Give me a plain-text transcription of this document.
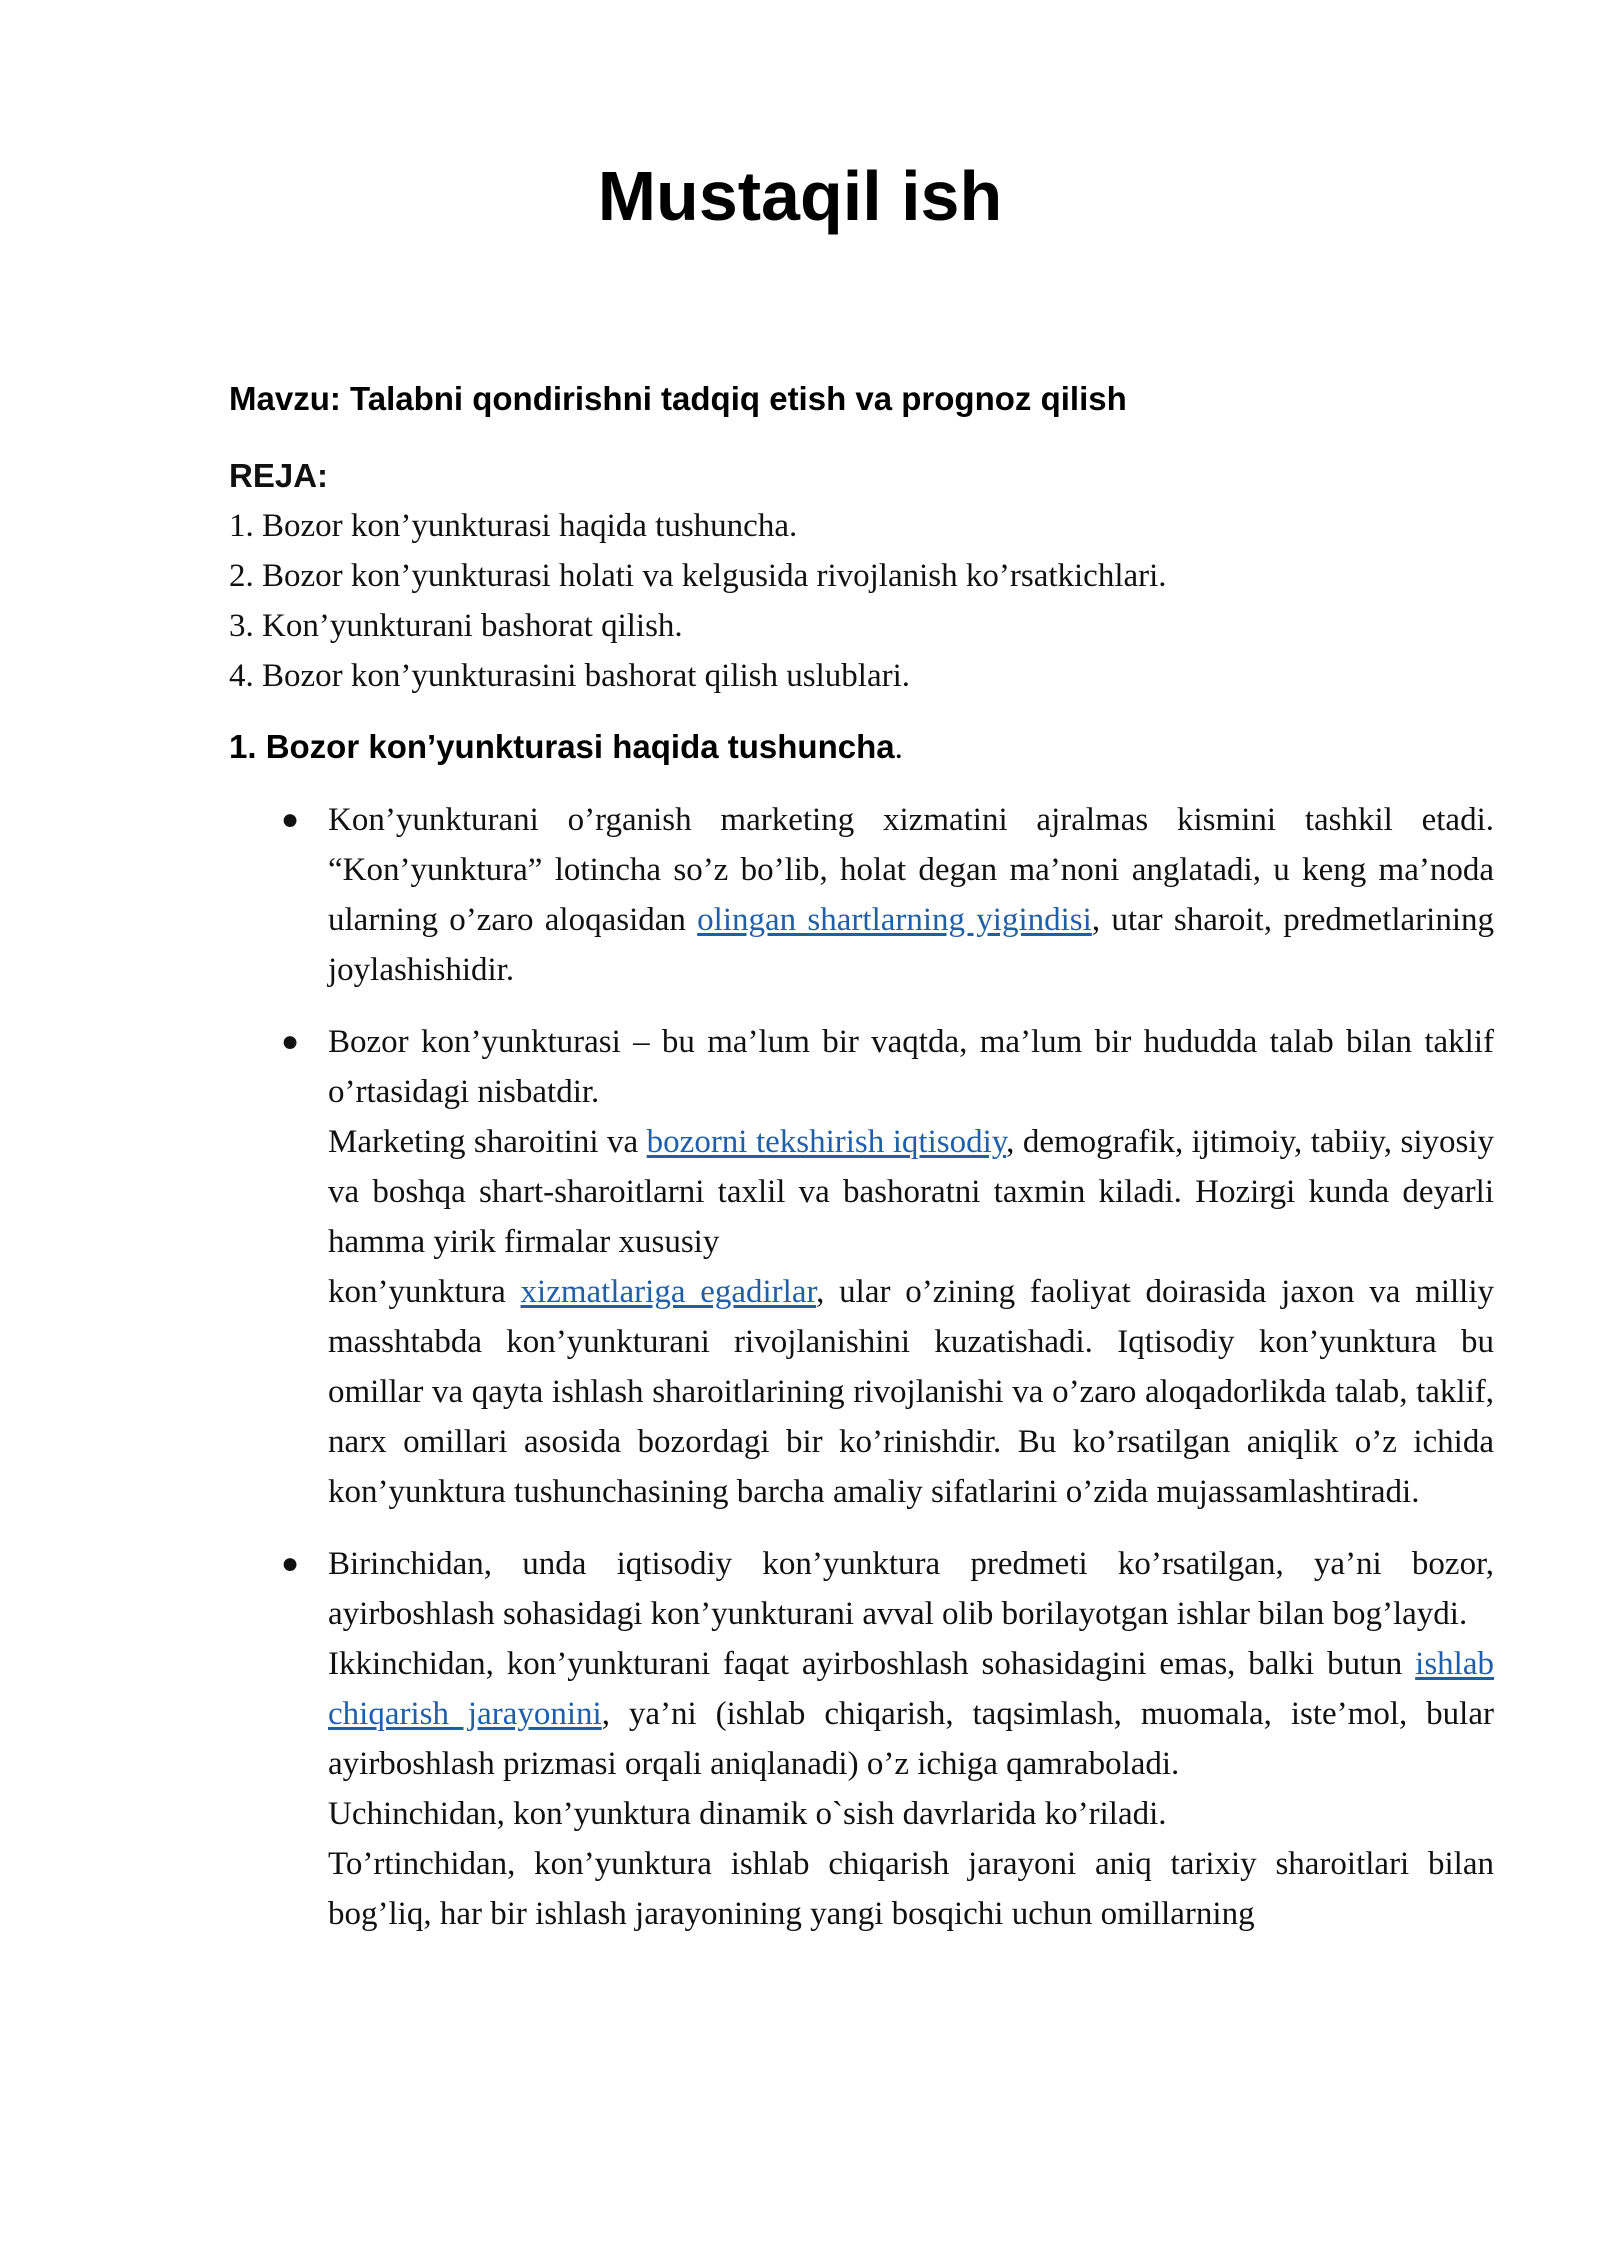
Mustaqil ish

Mavzu: Talabni qondirishni tadqiq etish va prognoz qilish

REJA:

1. Bozor kon’yunkturasi haqida tushuncha.
2. Bozor kon’yunkturasi holati va kelgusida rivojlanish ko’rsatkichlari.
3. Kon’yunkturani bashorat qilish.
4. Bozor kon’yunkturasini bashorat qilish uslublari.

1. Bozor kon’yunkturasi haqida tushuncha.

● Kon’yunkturani o’rganish marketing xizmatini ajralmas kismini tashkil etadi. “Kon’yunktura” lotincha so’z bo’lib, holat degan ma’noni anglatadi, u keng ma’noda ularning o’zaro aloqasidan olingan shartlarning yigindisi, utar sharoit, predmetlarining joylashishidir.

● Bozor kon’yunkturasi – bu ma’lum bir vaqtda, ma’lum bir hududda talab bilan taklif o’rtasidagi nisbatdir.

Marketing sharoitini va bozorni tekshirish iqtisodiy, demografik, ijtimoiy, tabiiy, siyosiy va boshqa shart-sharoitlarni taxlil va bashoratni taxmin kiladi. Hozirgi kunda deyarli hamma yirik firmalar xususiy

kon’yunktura xizmatlariga egadirlar, ular o’zining faoliyat doirasida jaxon va milliy masshtabda kon’yunkturani rivojlanishini kuzatishadi. Iqtisodiy kon’yunktura bu omillar va qayta ishlash sharoitlarining rivojlanishi va o’zaro aloqadorlikda talab, taklif, narx omillari asosida bozordagi bir ko’rinishdir. Bu ko’rsatilgan aniqlik o’z ichida kon’yunktura tushunchasining barcha amaliy sifatlarini o’zida mujassamlashtiradi.

● Birinchidan, unda iqtisodiy kon’yunktura predmeti ko’rsatilgan, ya’ni bozor, ayirboshlash sohasidagi kon’yunkturani avval olib borilayotgan ishlar bilan bog’laydi.

Ikkinchidan, kon’yunkturani faqat ayirboshlash sohasidagini emas, balki butun ishlab chiqarish jarayonini, ya’ni (ishlab chiqarish, taqsimlash, muomala, iste’mol, bular ayirboshlash prizmasi orqali aniqlanadi) o’z ichiga qamraboladi.

Uchinchidan, kon’yunktura dinamik o`sish davrlarida ko’riladi.

To’rtinchidan, kon’yunktura ishlab chiqarish jarayoni aniq tarixiy sharoitlari bilan bog’liq, har bir ishlash jarayonining yangi bosqichi uchun omillarning
